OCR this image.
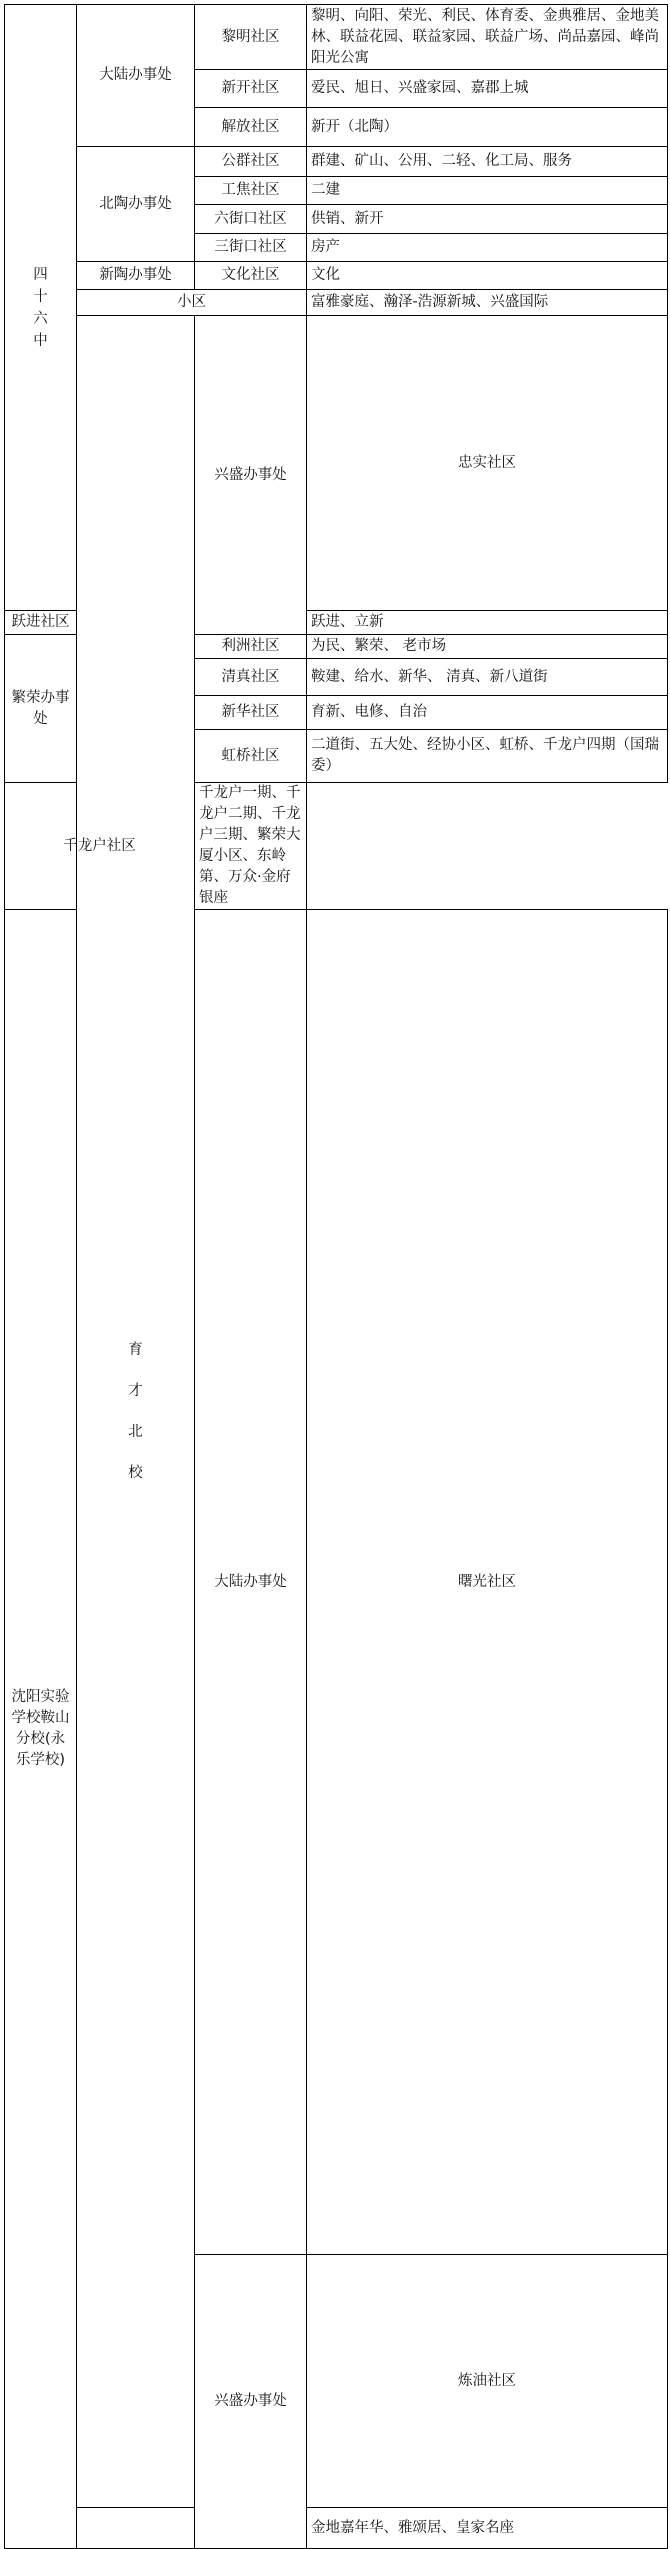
四十六中	大陆办事处	黎明社区	黎明、向阳、荣光、利民、体育委、金典雅居、金地美林、联益花园、联益家园、联益广场、尚品嘉园、峰尚阳光公寓	
		新开社区	爱民、旭日、兴盛家园、嘉郡上城	
		解放社区	新开（北陶）	
	北陶办事处	公群社区	群建、矿山、公用、二轻、化工局、服务	
		工焦社区	二建	
		六街口社区	供销、新开	
		三街口社区	房产	
	新陶办事处	文化社区	文化	
	小区		富雅豪庭、瀚泽-浩源新城、兴盛国际	
	育才北校	兴盛办事处	忠实社区	
跃进社区			跃进、立新	
繁荣办事处		利洲社区	为民、繁荣、 老市场	
		清真社区	鞍建、给水、新华、 清真、新八道街	
		新华社区	育新、电修、自治	
		虹桥社区	二道街、五大处、经协小区、虹桥、千龙户四期（国瑞委）	
千龙户社区		千龙户一期、千龙户二期、千龙户三期、繁荣大厦小区、东岭第、万众·金府银座		
沈阳实验学校鞍山分校(永乐学校)		大陆办事处	曙光社区	
		兴盛办事处	炼油社区	
			金地嘉年华、雅颂居、皇家名座	
